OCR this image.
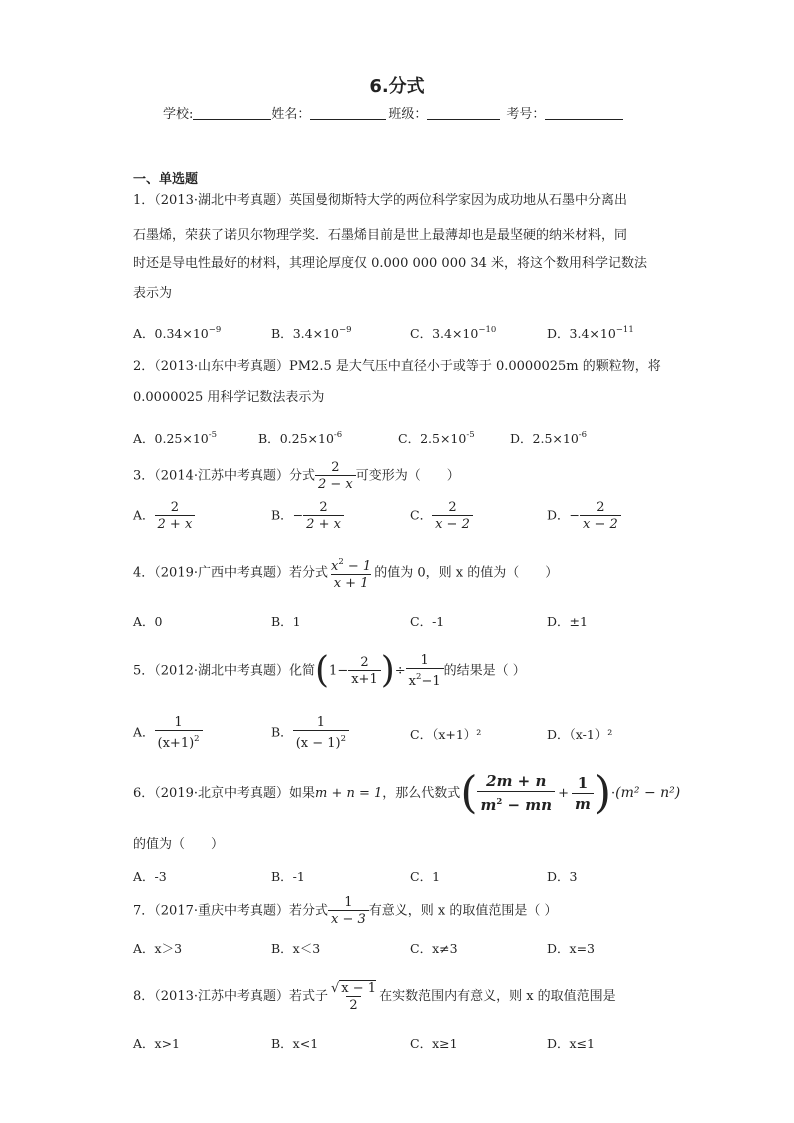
6.分式
学校:	姓名：	班级：	考号：
一、单选题
1．（2013·湖北中考真题）英国曼彻斯特大学的两位科学家因为成功地从石墨中分离出
石墨烯，荣获了诺贝尔物理学奖．石墨烯目前是世上最薄却也是最坚硬的纳米材料，同
时还是导电性最好的材料，其理论厚度仅 0.000 000 000 34 米，将这个数用科学记数法
表示为
A．$0.34\times 10^{-9}$	B．$3.4\times 10^{-9}$	C．$3.4\times 10^{-10}$	D．$3.4\times 10^{-11}$
2．（2013·山东中考真题）PM2.5 是大气压中直径小于或等于 0.0000025m 的颗粒物，将
0.0000025 用科学记数法表示为
A．$0.25\times 10^{-5}$	B．$0.25\times 10^{-6}$	C．$2.5\times 10^{-5}$	D．$2.5\times 10^{-6}$
3．（2014·江苏中考真题）分式 $\frac{2}{2 - x}$ 可变形为（　　）
A． $\frac{2}{2 + x}$	B．− $\frac{2}{2 + x}$	C． $\frac{2}{x - 2}$	D．− $\frac{2}{x - 2}$
4．（2019·广西中考真题）若分式 $\frac{x^2 - 1}{x + 1}$ 的值为 0，则 x 的值为（　　）
A．0	B．1	C．-1	D．±1
5．（2012·湖北中考真题）化简($1- \frac{2}{x+1}$ )÷ $\frac{1}{x^2-1}$ 的结果是（ ）
A． $\frac{1}{(x+1)^2}$	B． $\frac{1}{(x - 1)^2}$	C．（x+1）²	D．（x-1）²
6．（2019·北京中考真题）如果m + n = 1，那么代数式( $\frac{2m + n}{m^2 - mn} + \frac{1}{m} )\cdot(m^2 - n^2)$
的值为（　　）
A．-3	B．-1	C．1	D．3
7．（2017·重庆中考真题）若分式 $\frac{1}{x - 3}$ 有意义，则 x 的取值范围是（ ）
A．x＞3	B．x＜3	C．x≠3	D．x=3
8．（2013·江苏中考真题）若式子 $\frac{√ x - 1}{2}$ 在实数范围内有意义，则 x 的取值范围是
A．x>1	B．x<1	C．x≥1	D．x≤1
